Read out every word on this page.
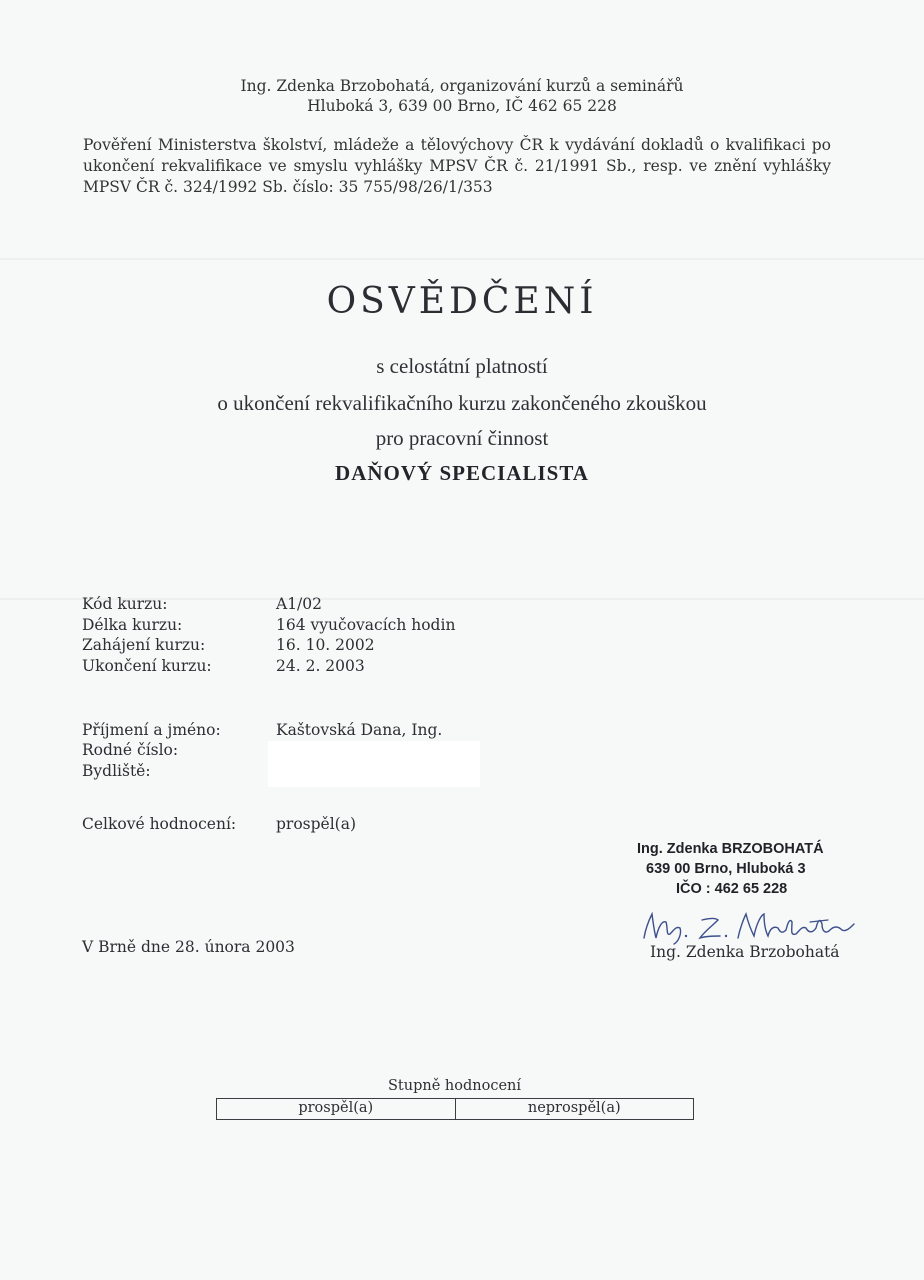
Ing. Zdenka Brzobohatá, organizování kurzů a seminářů
Hluboká 3, 639 00 Brno, IČ 462 65 228
Pověření Ministerstva školství, mládeže a tělovýchovy ČR k vydávání dokladů o kvalifikaci po ukončení rekvalifikace ve smyslu vyhlášky MPSV ČR č. 21/1991 Sb., resp. ve znění vyhlášky MPSV ČR č. 324/1992 Sb. číslo: 35 755/98/26/1/353
OSVĚDČENÍ
s celostátní platností
o ukončení rekvalifikačního kurzu zakončeného zkouškou
pro pracovní činnost
DAŇOVÝ SPECIALISTA
Kód kurzu:	A1/02
Délka kurzu:	164 vyučovacích hodin
Zahájení kurzu:	16. 10. 2002
Ukončení kurzu:	24. 2. 2003
Příjmení a jméno:	Kaštovská Dana, Ing.
Rodné číslo:
Bydliště:
Celkové hodnocení:	prospěl(a)
Ing. Zdenka BRZOBOHATÁ
639 00 Brno, Hluboká 3
IČO : 462 65 228
V Brně dne 28. února 2003	Ing. Zdenka Brzobohatá
Stupně hodnocení
prospěl(a)	neprospěl(a)
